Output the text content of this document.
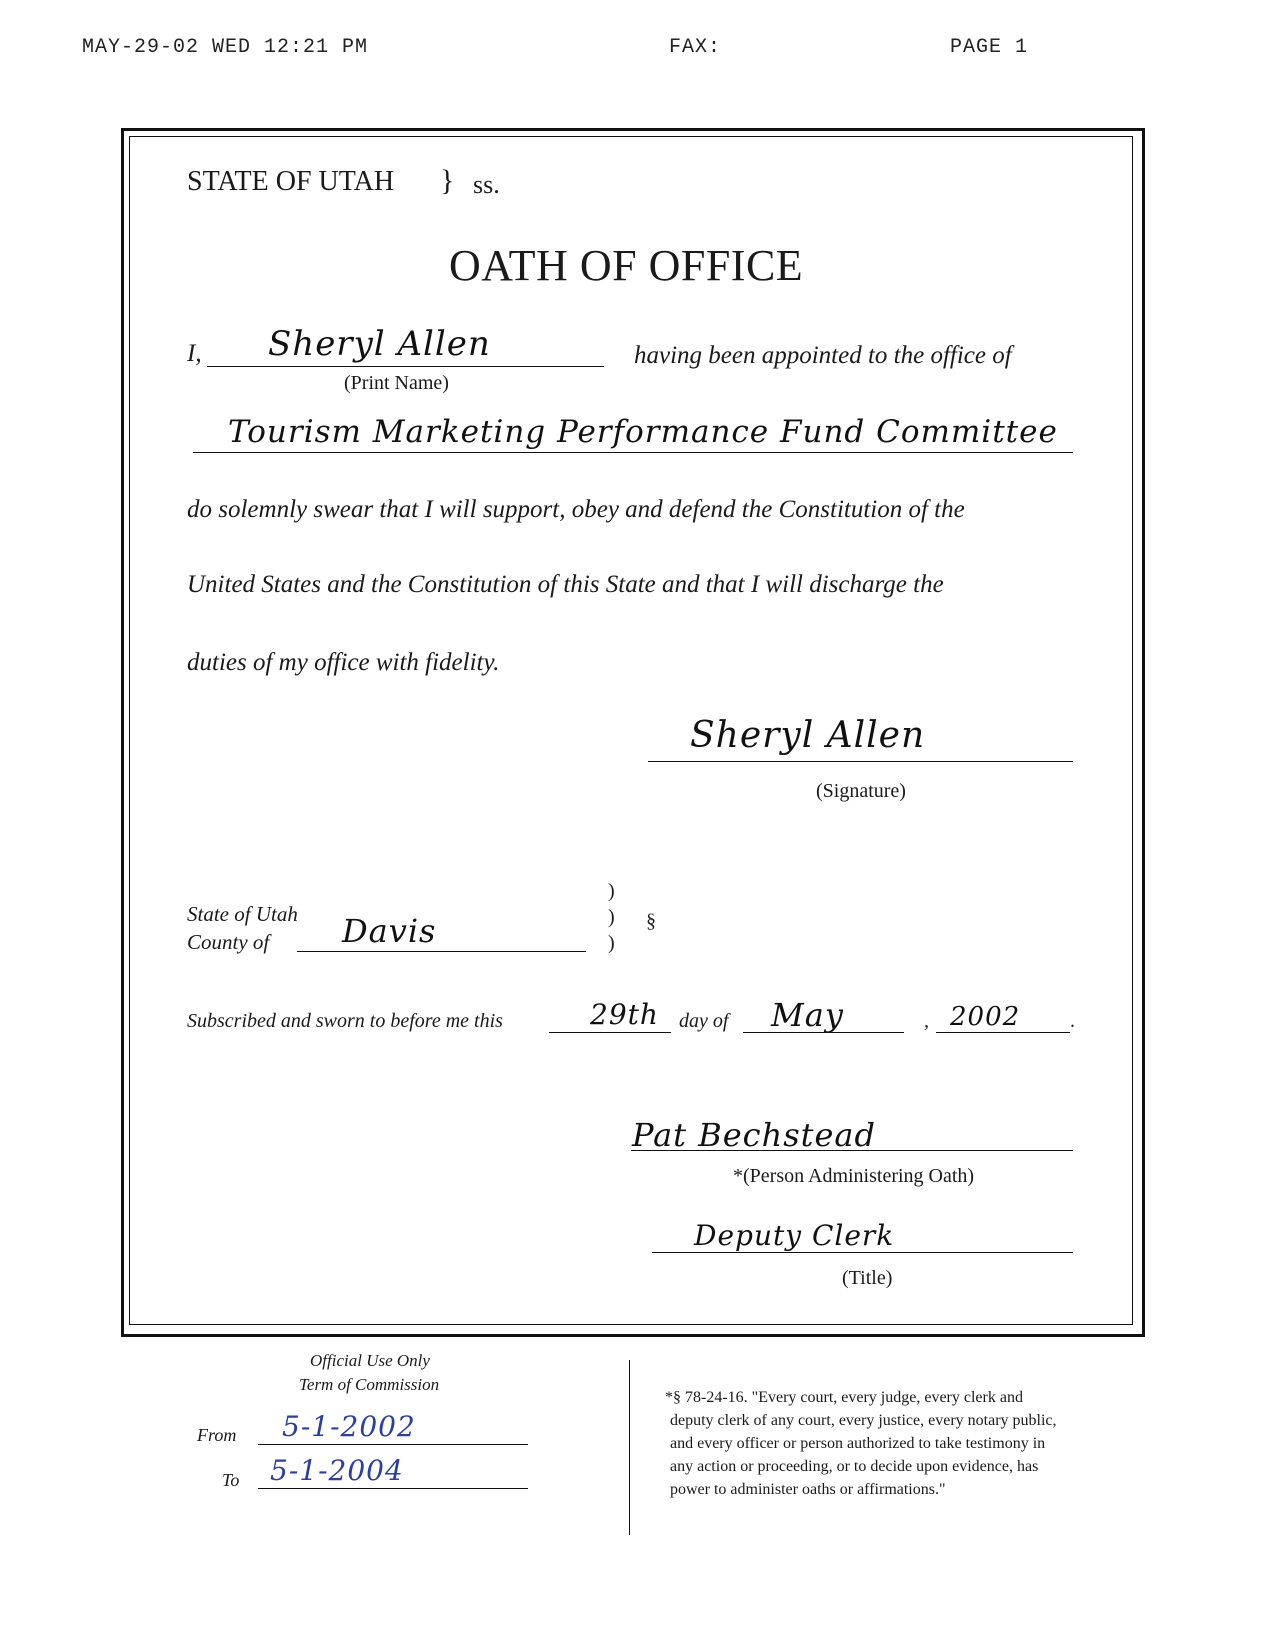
MAY-29-02 WED 12:21 PM	FAX:	PAGE 1
STATE OF UTAH } ss.
OATH OF OFFICE
I, Sheryl Allen
(Print Name)
having been appointed to the office of
Tourism Marketing Performance Fund Committee
do solemnly swear that I will support, obey and defend the Constitution of the
United States and the Constitution of this State and that I will discharge the
duties of my office with fidelity.
Sheryl Allen
(Signature)
State of Utah
County of Davis
)
)
)
§
Subscribed and sworn to before me this	29th day of May	, 2002 .
Pat Bechstead
*(Person Administering Oath)
Deputy Clerk
(Title)
Official Use Only
Term of Commission
From 5-1-2002
To 5-1-2004
*§ 78-24-16. "Every court, every judge, every clerk and
deputy clerk of any court, every justice, every notary public,
and every officer or person authorized to take testimony in
any action or proceeding, or to decide upon evidence, has
power to administer oaths or affirmations."
